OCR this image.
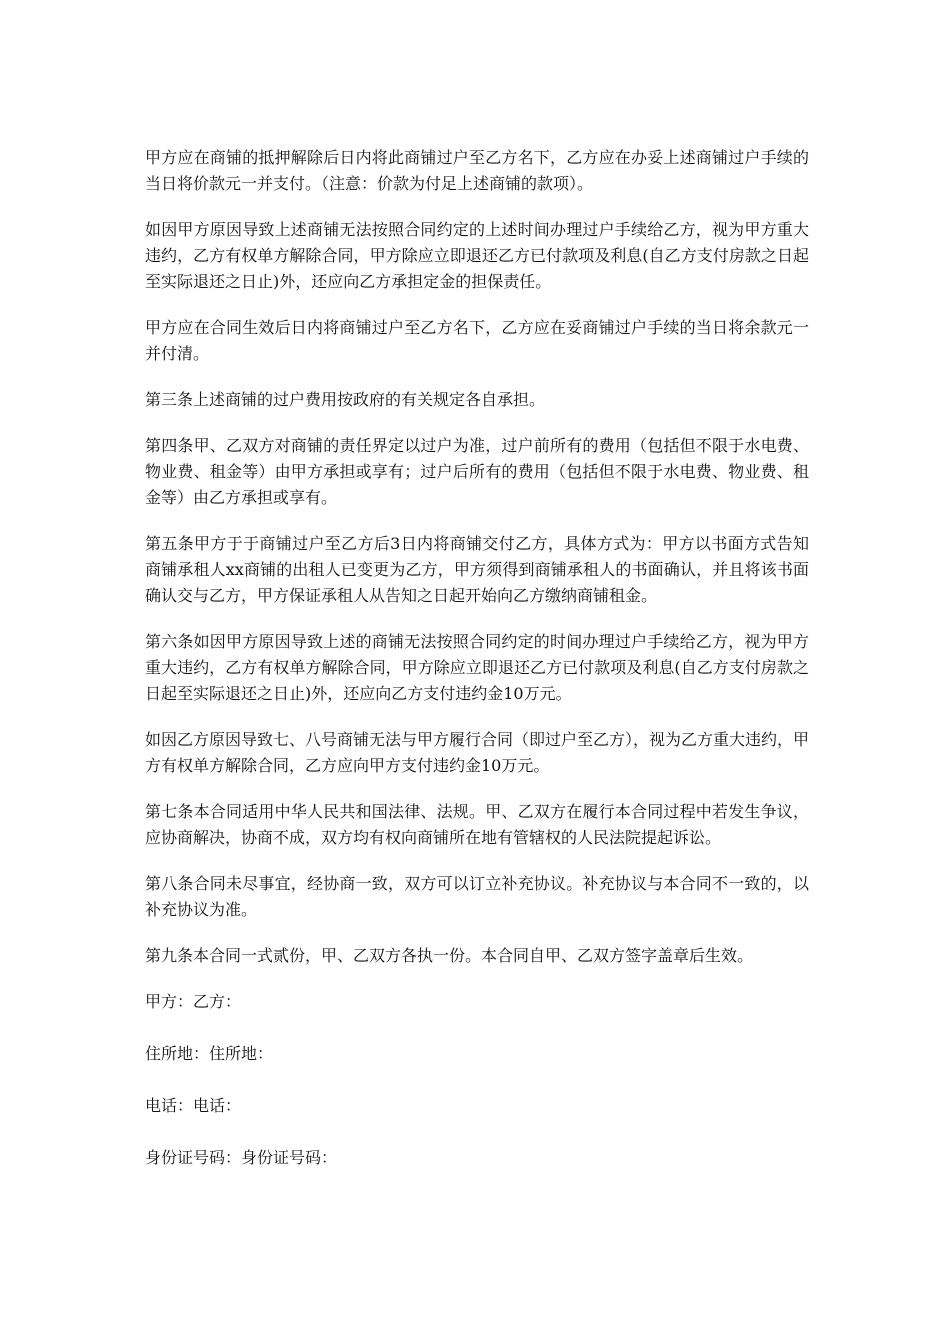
甲方应在商铺的抵押解除后日内将此商铺过户至乙方名下，乙方应在办妥上述商铺过户手续的当日将价款元一并支付。（注意：价款为付足上述商铺的款项）。

如因甲方原因导致上述商铺无法按照合同约定的上述时间办理过户手续给乙方，视为甲方重大违约，乙方有权单方解除合同，甲方除应立即退还乙方已付款项及利息(自乙方支付房款之日起至实际退还之日止)外，还应向乙方承担定金的担保责任。

甲方应在合同生效后日内将商铺过户至乙方名下，乙方应在妥商铺过户手续的当日将余款元一并付清。

第三条上述商铺的过户费用按政府的有关规定各自承担。

第四条甲、乙双方对商铺的责任界定以过户为准，过户前所有的费用（包括但不限于水电费、物业费、租金等）由甲方承担或享有；过户后所有的费用（包括但不限于水电费、物业费、租金等）由乙方承担或享有。

第五条甲方于于商铺过户至乙方后3日内将商铺交付乙方，具体方式为：甲方以书面方式告知商铺承租人xx商铺的出租人已变更为乙方，甲方须得到商铺承租人的书面确认，并且将该书面确认交与乙方，甲方保证承租人从告知之日起开始向乙方缴纳商铺租金。

第六条如因甲方原因导致上述的商铺无法按照合同约定的时间办理过户手续给乙方，视为甲方重大违约，乙方有权单方解除合同，甲方除应立即退还乙方已付款项及利息(自乙方支付房款之日起至实际退还之日止)外，还应向乙方支付违约金10万元。

如因乙方原因导致七、八号商铺无法与甲方履行合同（即过户至乙方），视为乙方重大违约，甲方有权单方解除合同，乙方应向甲方支付违约金10万元。

第七条本合同适用中华人民共和国法律、法规。甲、乙双方在履行本合同过程中若发生争议，应协商解决，协商不成，双方均有权向商铺所在地有管辖权的人民法院提起诉讼。

第八条合同未尽事宜，经协商一致，双方可以订立补充协议。补充协议与本合同不一致的，以补充协议为准。

第九条本合同一式贰份，甲、乙双方各执一份。本合同自甲、乙双方签字盖章后生效。

甲方：乙方：

住所地：住所地：

电话：电话：

身份证号码：身份证号码：
